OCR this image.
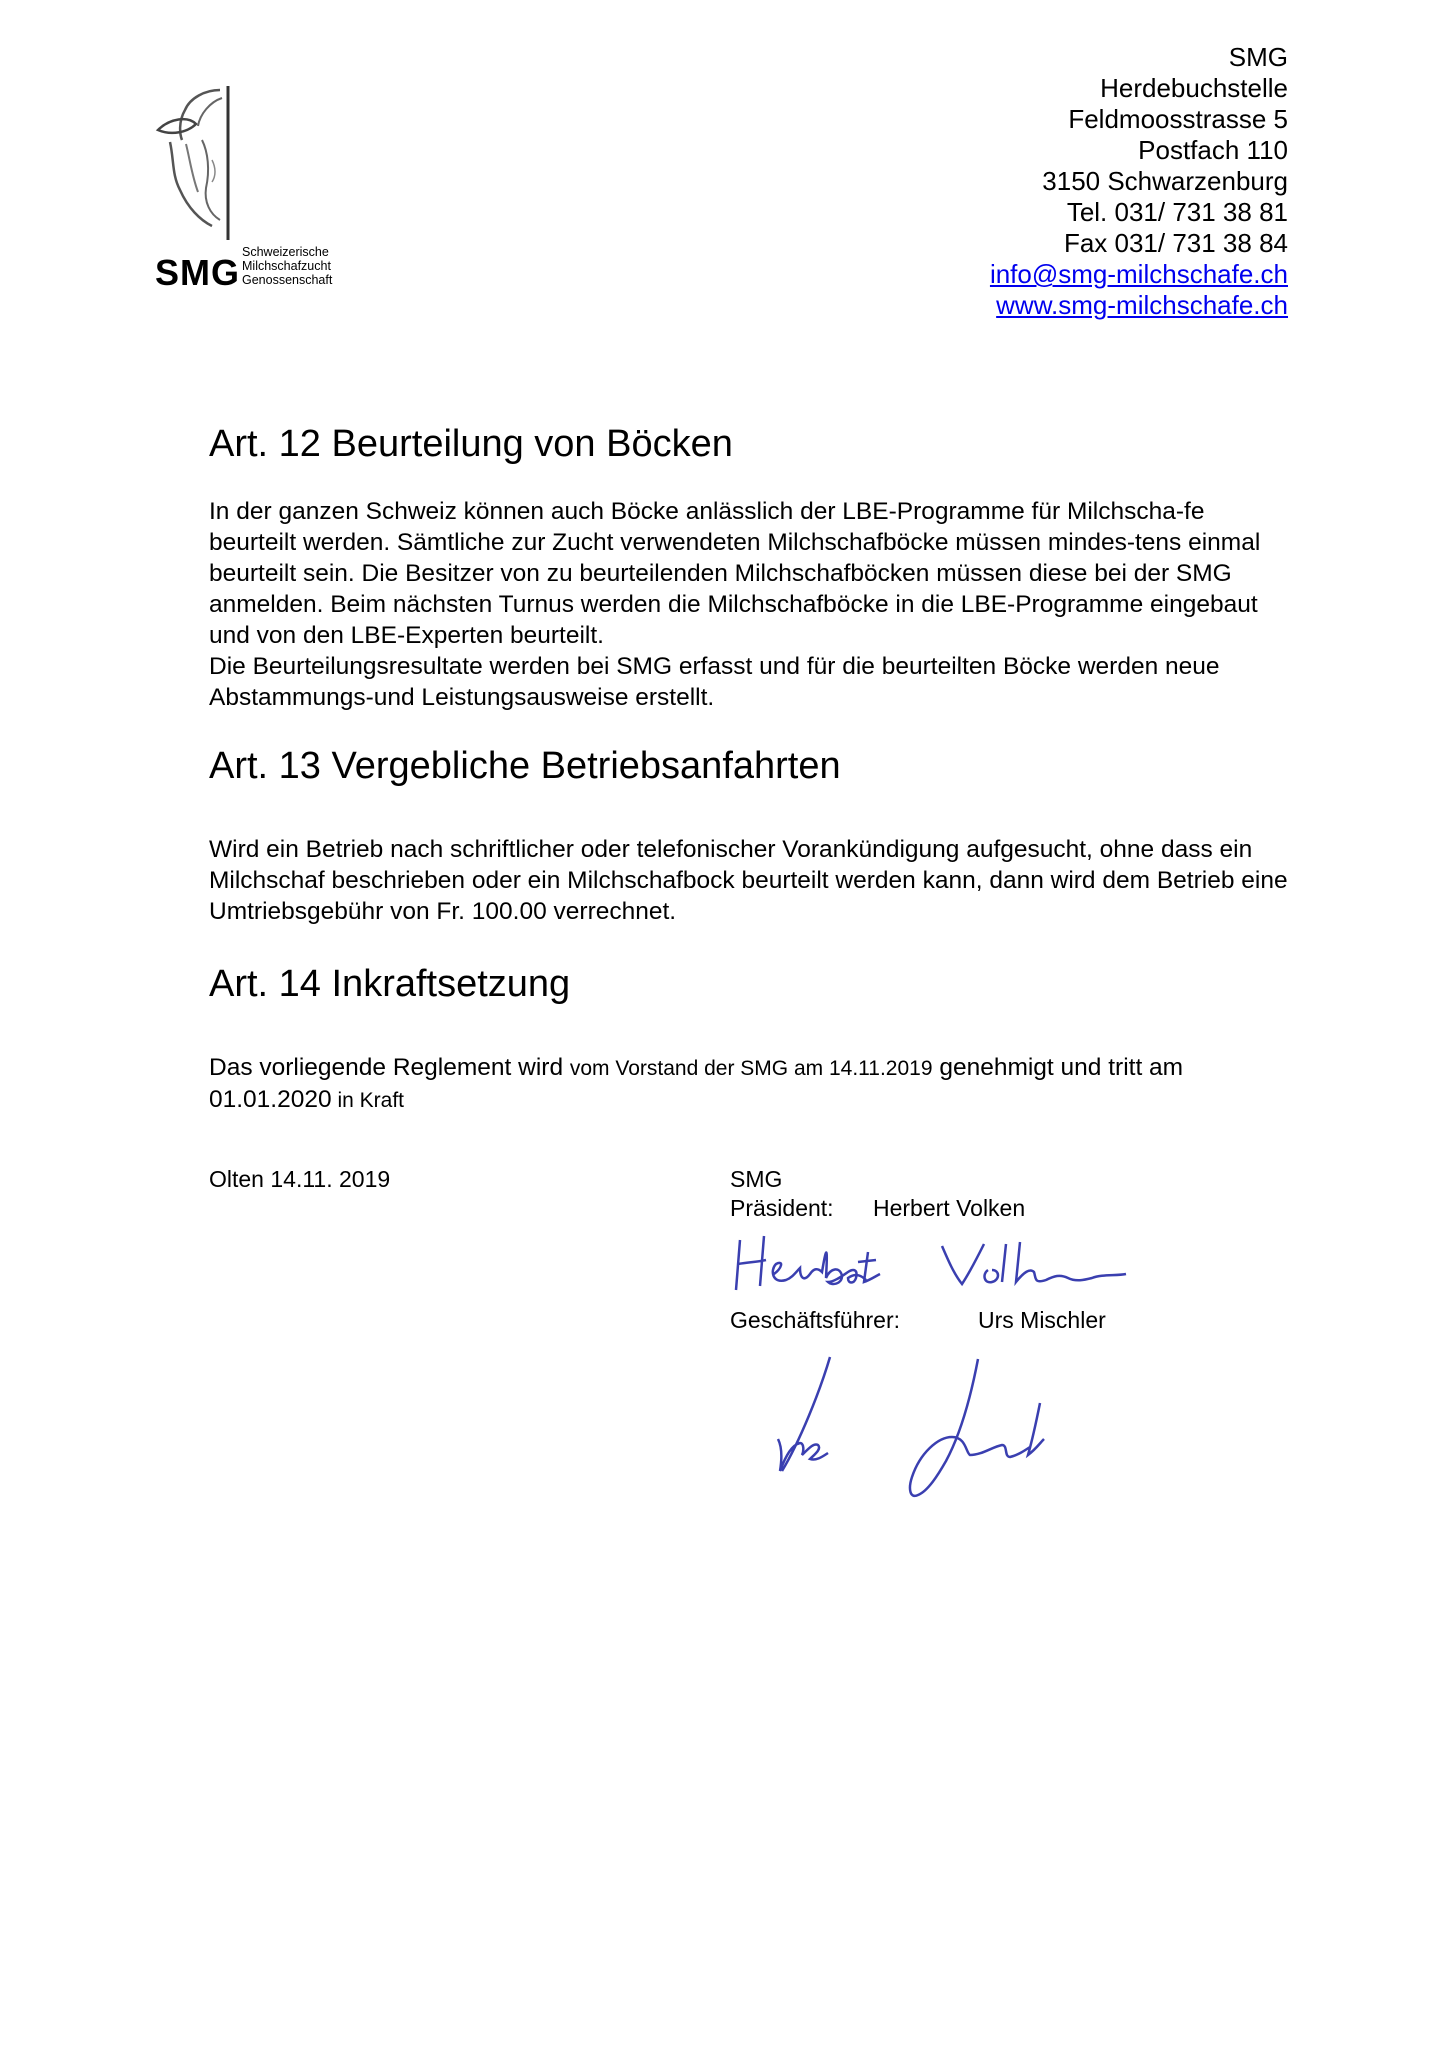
SMG Schweizerische
Milchschafzucht
Genossenschaft
SMG
Herdebuchstelle
Feldmoosstrasse 5
Postfach 110
3150 Schwarzenburg
Tel. 031/ 731 38 81
Fax 031/ 731 38 84
info@smg-milchschafe.ch
www.smg-milchschafe.ch
Art. 12 Beurteilung von Böcken

In der ganzen Schweiz können auch Böcke anlässlich der LBE-Programme für Milchscha-fe beurteilt werden. Sämtliche zur Zucht verwendeten Milchschafböcke müssen mindes-tens einmal beurteilt sein. Die Besitzer von zu beurteilenden Milchschafböcken müssen diese bei der SMG anmelden. Beim nächsten Turnus werden die Milchschafböcke in die LBE-Programme eingebaut und von den LBE-Experten beurteilt.

Die Beurteilungsresultate werden bei SMG erfasst und für die beurteilten Böcke werden neue Abstammungs-und Leistungsausweise erstellt.

Art. 13 Vergebliche Betriebsanfahrten

Wird ein Betrieb nach schriftlicher oder telefonischer Vorankündigung aufgesucht, ohne dass ein Milchschaf beschrieben oder ein Milchschafbock beurteilt werden kann, dann wird dem Betrieb eine Umtriebsgebühr von Fr. 100.00 verrechnet.

Art. 14 Inkraftsetzung

Das vorliegende Reglement wird vom Vorstand der SMG am 14.11.2019 genehmigt und tritt am 01.01.2020 in Kraft

Olten 14.11. 2019	SMG
Präsident: Herbert Volken
Geschäftsführer:	Urs Mischler
